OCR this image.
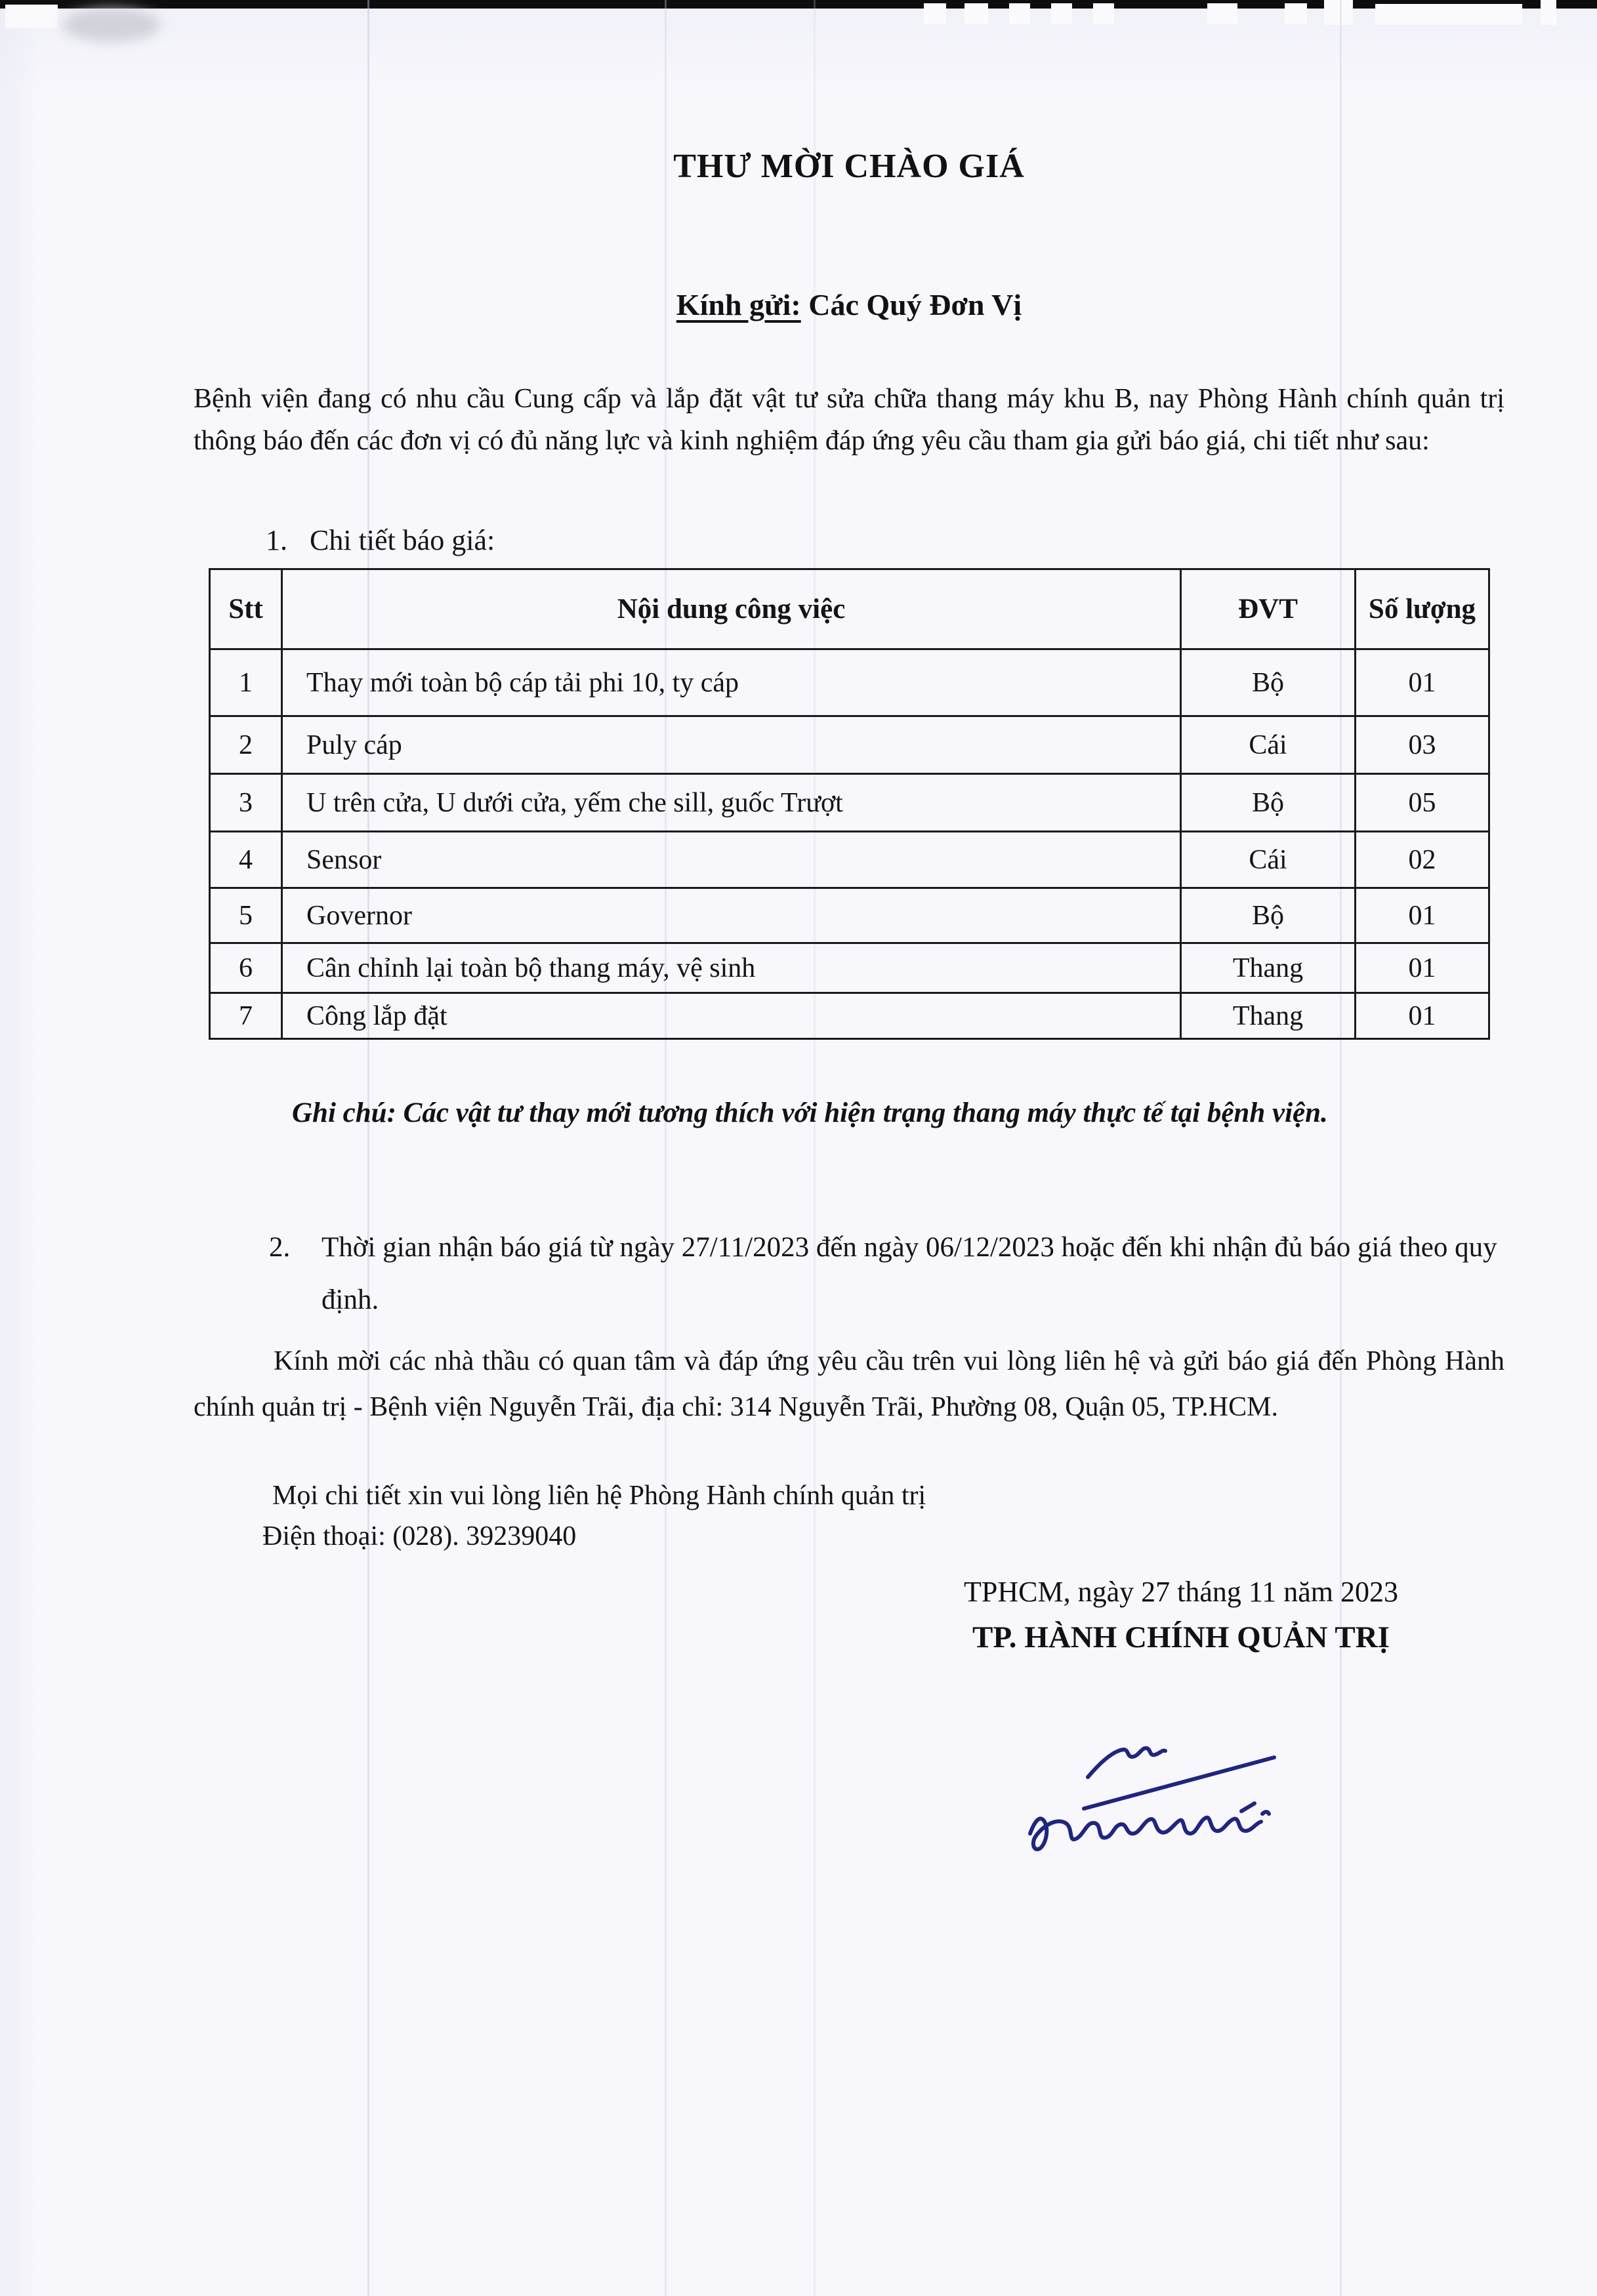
THƯ MỜI CHÀO GIÁ
Kính gửi: Các Quý Đơn Vị
Bệnh viện đang có nhu cầu Cung cấp và lắp đặt vật tư sửa chữa thang máy khu B, nay Phòng Hành chính quản trị thông báo đến các đơn vị có đủ năng lực và kinh nghiệm đáp ứng yêu cầu tham gia gửi báo giá, chi tiết như sau:
1. Chi tiết báo giá:
Stt	Nội dung công việc	ĐVT	Số lượng
1	Thay mới toàn bộ cáp tải phi 10, ty cáp	Bộ	01
2	Puly cáp	Cái	03
3	U trên cửa, U dưới cửa, yếm che sill, guốc Trượt	Bộ	05
4	Sensor	Cái	02
5	Governor	Bộ	01
6	Cân chỉnh lại toàn bộ thang máy, vệ sinh	Thang	01
7	Công lắp đặt	Thang	01
Ghi chú: Các vật tư thay mới tương thích với hiện trạng thang máy thực tế tại bệnh viện.
2. Thời gian nhận báo giá từ ngày 27/11/2023 đến ngày 06/12/2023 hoặc đến khi nhận đủ báo giá theo quy định.
Kính mời các nhà thầu có quan tâm và đáp ứng yêu cầu trên vui lòng liên hệ và gửi báo giá đến Phòng Hành chính quản trị - Bệnh viện Nguyễn Trãi, địa chỉ: 314 Nguyễn Trãi, Phường 08, Quận 05, TP.HCM.
Mọi chi tiết xin vui lòng liên hệ Phòng Hành chính quản trị
Điện thoại: (028). 39239040
TPHCM, ngày 27 tháng 11 năm 2023
TP. HÀNH CHÍNH QUẢN TRỊ
